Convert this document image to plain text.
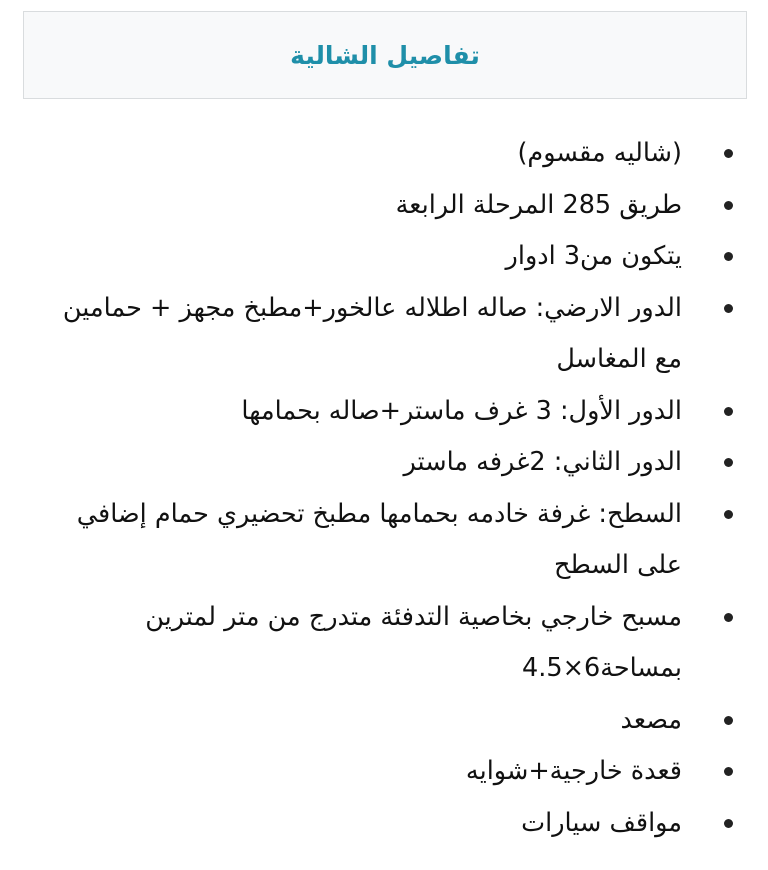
تفاصيل الشالية
(شاليه مقسوم)
طريق 285 المرحلة الرابعة
يتكون من3 ادوار
الدور الارضي: صاله اطلاله عالخور+مطبخ مجهز + حمامين مع المغاسل
الدور الأول: 3 غرف ماستر+صاله بحمامها
الدور الثاني: 2غرفه ماستر
السطح: غرفة خادمه بحمامها مطبخ تحضيري حمام إضافي على السطح
مسبح خارجي بخاصية التدفئة متدرج من متر لمترين بمساحة6×4.5
مصعد
قعدة خارجية+شوايه
مواقف سيارات
